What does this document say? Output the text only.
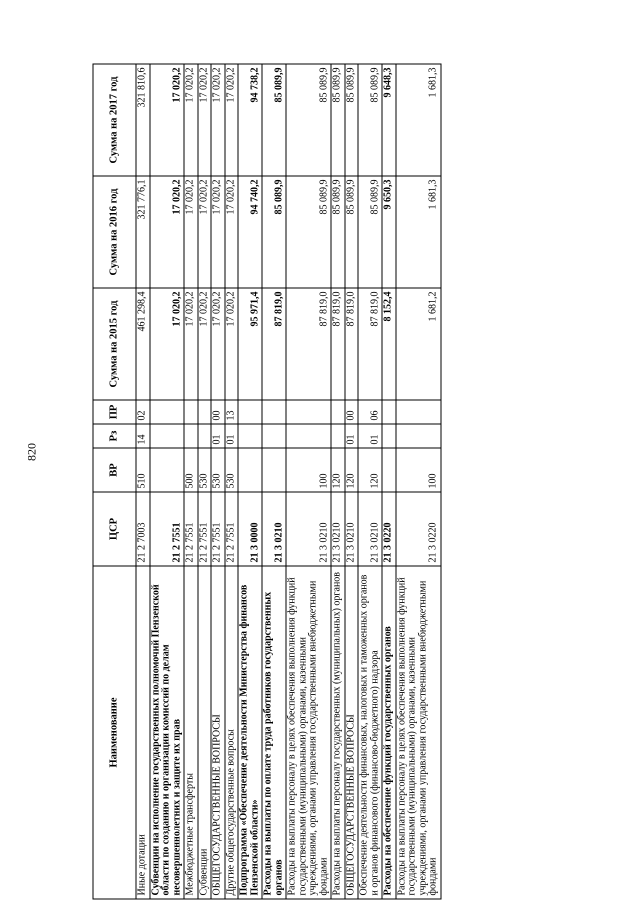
820
Наименование	ЦСР	ВР	Рз	ПР	Сумма на 2015 год	Сумма на 2016 год	Сумма на 2017 год
Иные дотации	21 2 7003	510	14	02	461 298,4	321 776,1	321 810,6
Субвенции на исполнение государственных полномочий Пензенской области по созданию и организации комиссий по делам несовершеннолетних и защите их прав	21 2 7551				17 020,2	17 020,2	17 020,2
Межбюджетные трансферты	21 2 7551	500			17 020,2	17 020,2	17 020,2
Субвенции	21 2 7551	530			17 020,2	17 020,2	17 020,2
ОБЩЕГОСУДАРСТВЕННЫЕ ВОПРОСЫ	21 2 7551	530	01	00	17 020,2	17 020,2	17 020,2
Другие общегосударственные вопросы	21 2 7551	530	01	13	17 020,2	17 020,2	17 020,2
Подпрограмма «Обеспечение деятельности Министерства финансов Пензенской области»	21 3 0000				95 971,4	94 740,2	94 738,2
Расходы на выплаты по оплате труда работников государственных органов	21 3 0210				87 819,0	85 089,9	85 089,9
Расходы на выплаты персоналу в целях обеспечения выполнения функций государственными (муниципальными) органами, казенными учреждениями, органами управления государственными внебюджетными фондами	21 3 0210	100			87 819,0	85 089,9	85 089,9
Расходы на выплаты персоналу государственных (муниципальных) органов	21 3 0210	120			87 819,0	85 089,9	85 089,9
ОБЩЕГОСУДАРСТВЕННЫЕ ВОПРОСЫ	21 3 0210	120	01	00	87 819,0	85 089,9	85 089,9
Обеспечение деятельности финансовых, налоговых и таможенных органов и органов финансового (финансово-бюджетного) надзора	21 3 0210	120	01	06	87 819,0	85 089,9	85 089,9
Расходы на обеспечение функций государственных органов	21 3 0220				8 152,4	9 650,3	9 648,3
Расходы на выплаты персоналу в целях обеспечения выполнения функций государственными (муниципальными) органами, казенными учреждениями, органами управления государственными внебюджетными фондами	21 3 0220	100			1 681,2	1 681,3	1 681,3
